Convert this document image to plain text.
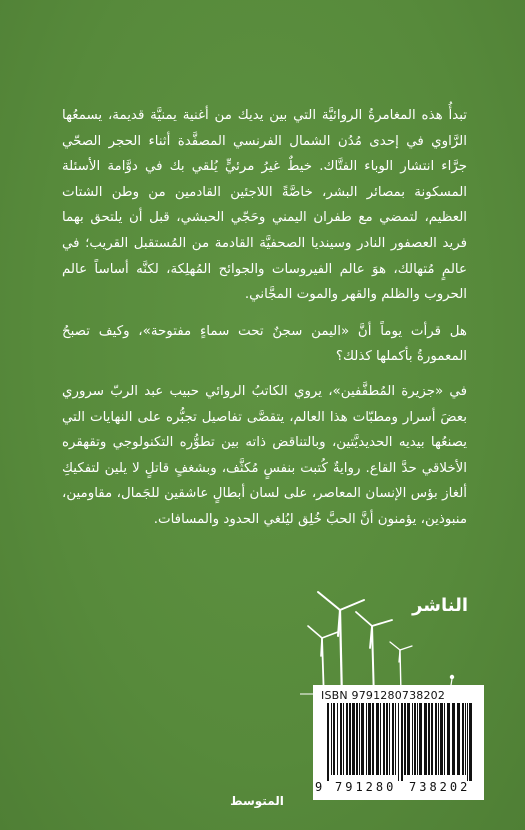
تبدأُ هذه المغامرةُ الروائيَّة التي بين يديك من أغنية يمنيَّة قديمة، يسمعُها الرَّاوي في إحدى مُدُن الشمال الفرنسي المصفَّدة أثناء الحجر الصحّي جرَّاء انتشار الوباء الفتَّاك. خيطٌ غيرُ مرئيٍّ يُلقي بك في دوَّامة الأسئلة المسكونة بمصائر البشر، خاصَّةً اللاجئين القادمين من وطن الشتات العظيم، لتمضي مع طفران اليمني وحَجّي الحبشي، قبل أن يلتحق بهما فريد العصفور النادر وسينديا الصحفيَّة القادمة من المُستقبل القريب؛ في عالمٍ مُتهالك، هوَ عالم الفيروسات والجوائح المُهلِكة، لكنَّه أساساً عالم الحروب والظلم والقهر والموت المجَّاني.

هل قرأت يوماً أنَّ «اليمن سجنٌ تحت سماءٍ مفتوحة»، وكيف تصبحُ المعمورةُ بأكملها كذلك؟

في «جزيرة المُطفَّفين»، يروي الكاتبُ الروائي حبيب عبد الربّ سروري بعضَ أسرار ومطبّات هذا العالم، يتقصَّى تفاصيل تجبُّره على النهايات التي يصنعُها بيديه الحديديَّتين، وبالتناقض ذاته بين تطوُّره التكنولوجي وتقهقره الأخلاقي حدَّ القاع. روايةٌ كُتبت بنفسٍ مُكثَّف، وبشغفٍ قاتلٍ لا يلين لتفكيكِ ألغاز بؤس الإنسان المعاصر، على لسان أبطالٍ عاشقين للجَمال، مقاومين، منبوذين، يؤمنون أنَّ الحبَّ خُلِق ليُلغي الحدود والمسافات.

الناشر
ISBN 9791280738202
9 791280 738202
المتوسط
